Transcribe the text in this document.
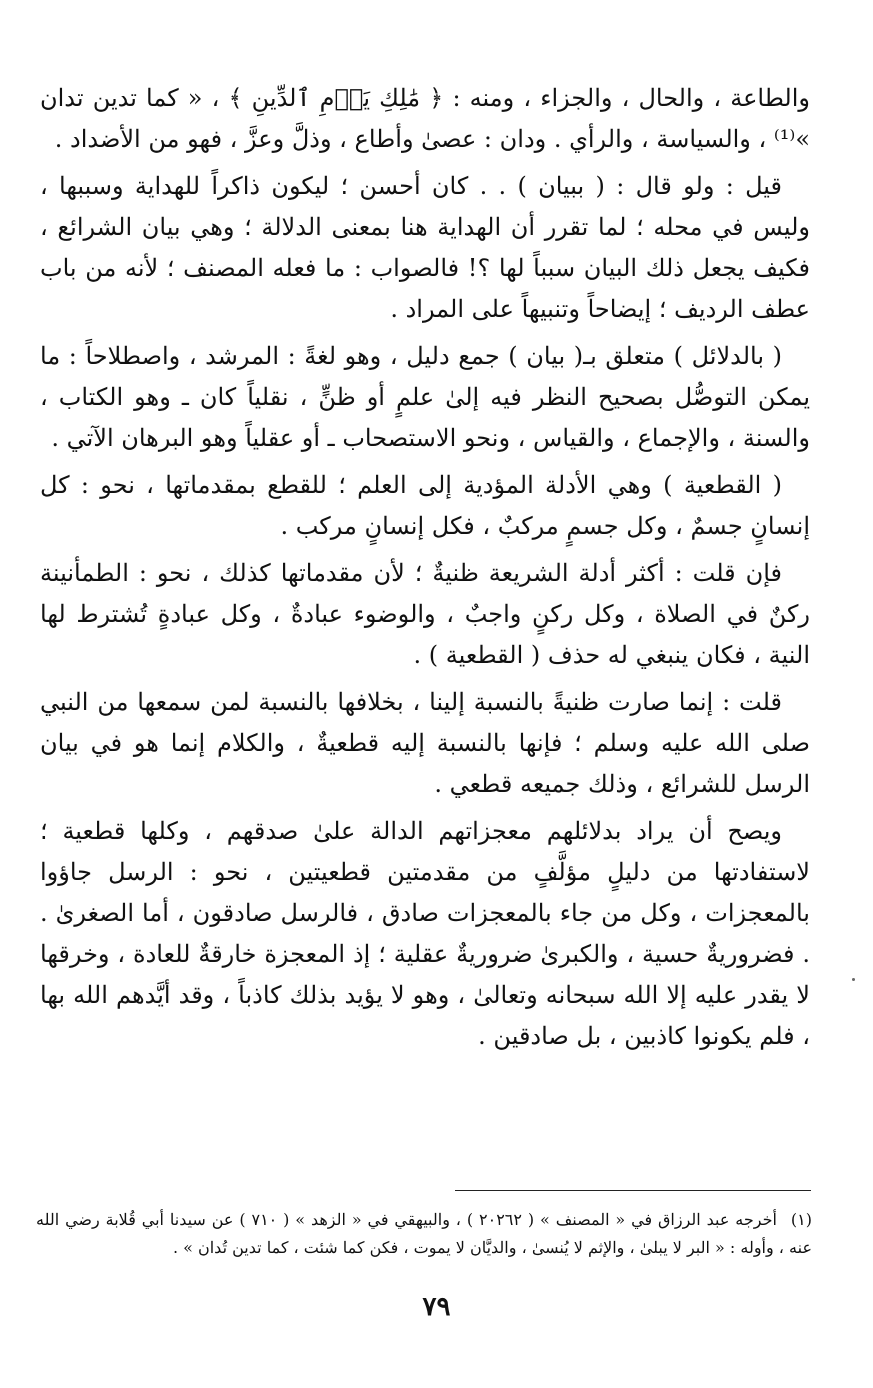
والطاعة ، والحال ، والجزاء ، ومنه : ﴿ مَٰلِكِ يَوۡمِ ٱلدِّينِ ﴾ ، « كما تدين تدان »⁽¹⁾ ، والسياسة ، والرأي . ودان : عصىٰ وأطاع ، وذلَّ وعزَّ ، فهو من الأضداد .

قيل : ولو قال : ( ببيان ) . . كان أحسن ؛ ليكون ذاكراً للهداية وسببها ، وليس في محله ؛ لما تقرر أن الهداية هنا بمعنى الدلالة ؛ وهي بيان الشرائع ، فكيف يجعل ذلك البيان سبباً لها ؟! فالصواب : ما فعله المصنف ؛ لأنه من باب عطف الرديف ؛ إيضاحاً وتنبيهاً على المراد .

( بالدلائل ) متعلق بـ( بيان ) جمع دليل ، وهو لغةً : المرشد ، واصطلاحاً : ما يمكن التوصُّل بصحيح النظر فيه إلىٰ علمٍ أو ظنٍّ ، نقلياً كان ـ وهو الكتاب ، والسنة ، والإجماع ، والقياس ، ونحو الاستصحاب ـ أو عقلياً وهو البرهان الآتي .

( القطعية ) وهي الأدلة المؤدية إلى العلم ؛ للقطع بمقدماتها ، نحو : كل إنسانٍ جسمٌ ، وكل جسمٍ مركبٌ ، فكل إنسانٍ مركب .

فإن قلت : أكثر أدلة الشريعة ظنيةٌ ؛ لأن مقدماتها كذلك ، نحو : الطمأنينة ركنٌ في الصلاة ، وكل ركنٍ واجبٌ ، والوضوء عبادةٌ ، وكل عبادةٍ تُشترط لها النية ، فكان ينبغي له حذف ( القطعية ) .

قلت : إنما صارت ظنيةً بالنسبة إلينا ، بخلافها بالنسبة لمن سمعها من النبي صلى الله عليه وسلم ؛ فإنها بالنسبة إليه قطعيةٌ ، والكلام إنما هو في بيان الرسل للشرائع ، وذلك جميعه قطعي .

ويصح أن يراد بدلائلهم معجزاتهم الدالة علىٰ صدقهم ، وكلها قطعية ؛ لاستفادتها من دليلٍ مؤلَّفٍ من مقدمتين قطعيتين ، نحو : الرسل جاؤوا بالمعجزات ، وكل من جاء بالمعجزات صادق ، فالرسل صادقون ، أما الصغرىٰ . . فضروريةٌ حسية ، والكبرىٰ ضروريةٌ عقلية ؛ إذ المعجزة خارقةٌ للعادة ، وخرقها لا يقدر عليه إلا الله سبحانه وتعالىٰ ، وهو لا يؤيد بذلك كاذباً ، وقد أيَّدهم الله بها ، فلم يكونوا كاذبين ، بل صادقين .

(١)أخرجه عبد الرزاق في « المصنف » ( ٢٠٢٦٢ ) ، والبيهقي في « الزهد » ( ٧١٠ ) عن سيدنا أبي قُلابة رضي الله عنه ، وأوله : « البر لا يبلىٰ ، والإثم لا يُنسىٰ ، والديَّان لا يموت ، فكن كما شئت ، كما تدين تُدان » .
٧٩
